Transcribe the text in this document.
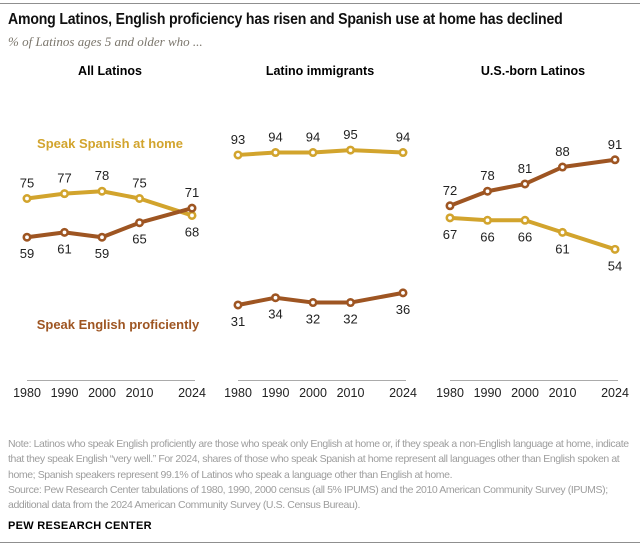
Among Latinos, English proficiency has risen and Spanish use at home has declined
% of Latinos ages 5 and older who ...
All Latinos	Latino immigrants	U.S.-born Latinos
Speak Spanish at home
Speak English proficiently
1980 1990 2000 2010 2024
75 77 78 75
68
59 61 59
65
71
1980 1990 2000 2010 2024
93 94 94 95	94
31 34 32 32
36
1980 1990 2000 2010 2024
67 66 66
61
54
72
78 81
88	91
Note: Latinos who speak English proficiently are those who speak only English at home or, if they speak a non-English language at home, indicate that they speak English “very well.” For 2024, shares of those who speak Spanish at home represent all languages other than English spoken at home; Spanish speakers represent 99.1% of Latinos who speak a language other than English at home.
Source: Pew Research Center tabulations of 1980, 1990, 2000 census (all 5% IPUMS) and the 2010 American Community Survey (IPUMS); additional data from the 2024 American Community Survey (U.S. Census Bureau).
PEW RESEARCH CENTER
